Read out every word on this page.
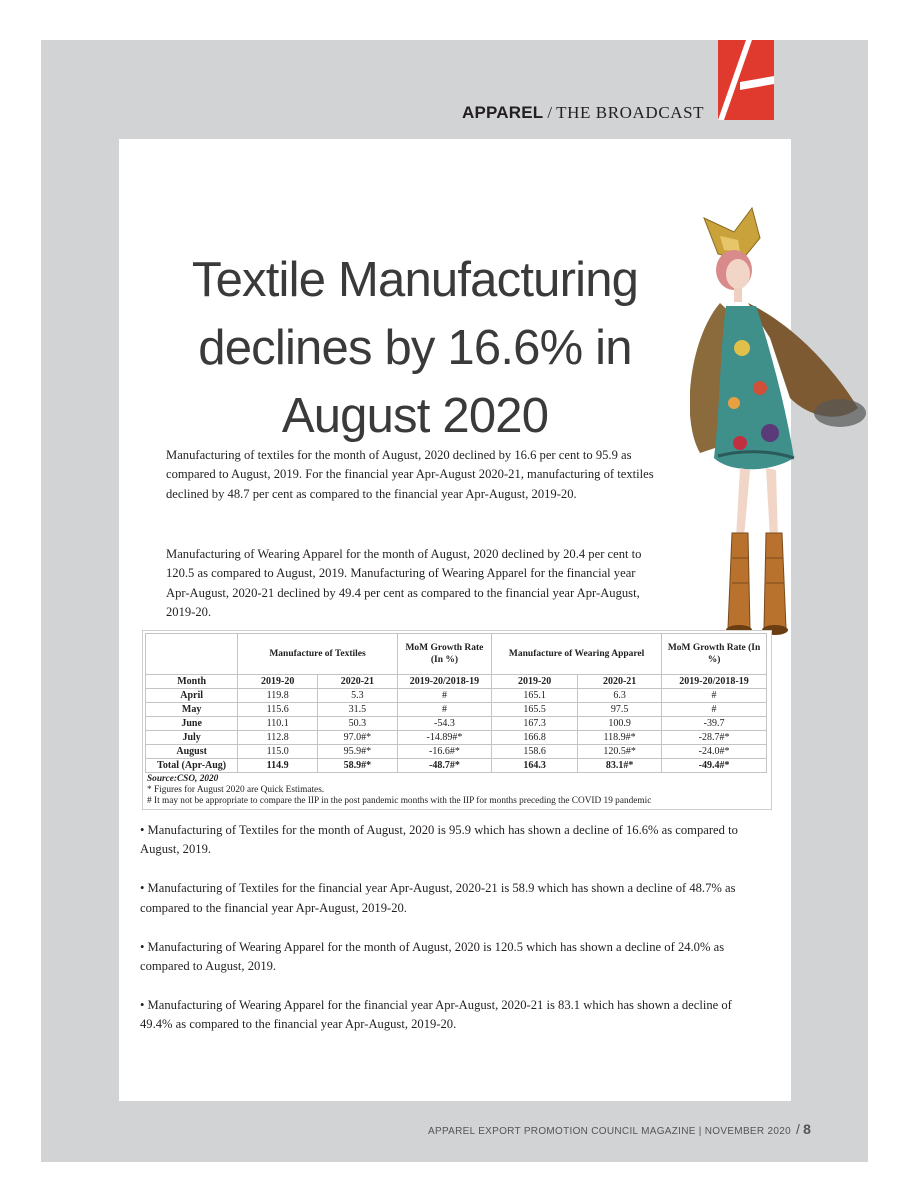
APPAREL / THE BROADCAST
Textile Manufacturing
declines by 16.6% in
August 2020

Manufacturing of textiles for the month of August, 2020 declined by 16.6 per cent to 95.9 as compared to August, 2019. For the financial year Apr-August 2020-21, manufacturing of textiles declined by 48.7 per cent as compared to the financial year Apr-August, 2019-20.

Manufacturing of Wearing Apparel for the month of August, 2020 declined by 20.4 per cent to 120.5 as compared to August, 2019. Manufacturing of Wearing Apparel for the financial year Apr-August, 2020-21 declined by 49.4 per cent as compared to the financial year Apr-August, 2019-20.

	Manufacture of Textiles		MoM Growth Rate (In %)	Manufacture of Wearing Apparel		MoM Growth Rate (In %)
Month	2019-20	2020-21	2019-20/2018-19	2019-20	2020-21	2019-20/2018-19
April	119.8	5.3	#	165.1	6.3	#
May	115.6	31.5	#	165.5	97.5	#
June	110.1	50.3	-54.3	167.3	100.9	-39.7
July	112.8	97.0#*	-14.89#*	166.8	118.9#*	-28.7#*
August	115.0	95.9#*	-16.6#*	158.6	120.5#*	-24.0#*
Total (Apr-Aug)	114.9	58.9#*	-48.7#*	164.3	83.1#*	-49.4#*
Source:CSO, 2020
* Figures for August 2020 are Quick Estimates.
# It may not be appropriate to compare the IIP in the post pandemic months with the IIP for months preceding the COVID 19 pandemic

• Manufacturing of Textiles for the month of August, 2020 is 95.9 which has shown a decline of 16.6% as compared to August, 2019.

• Manufacturing of Textiles for the financial year Apr-August, 2020-21 is 58.9 which has shown a decline of 48.7% as compared to the financial year Apr-August, 2019-20.

• Manufacturing of Wearing Apparel for the month of August, 2020 is 120.5 which has shown a decline of 24.0% as compared to August, 2019.

• Manufacturing of Wearing Apparel for the financial year Apr-August, 2020-21 is 83.1 which has shown a decline of 49.4% as compared to the financial year Apr-August, 2019-20.

APPAREL EXPORT PROMOTION COUNCIL MAGAZINE | NOVEMBER 2020 / 8
